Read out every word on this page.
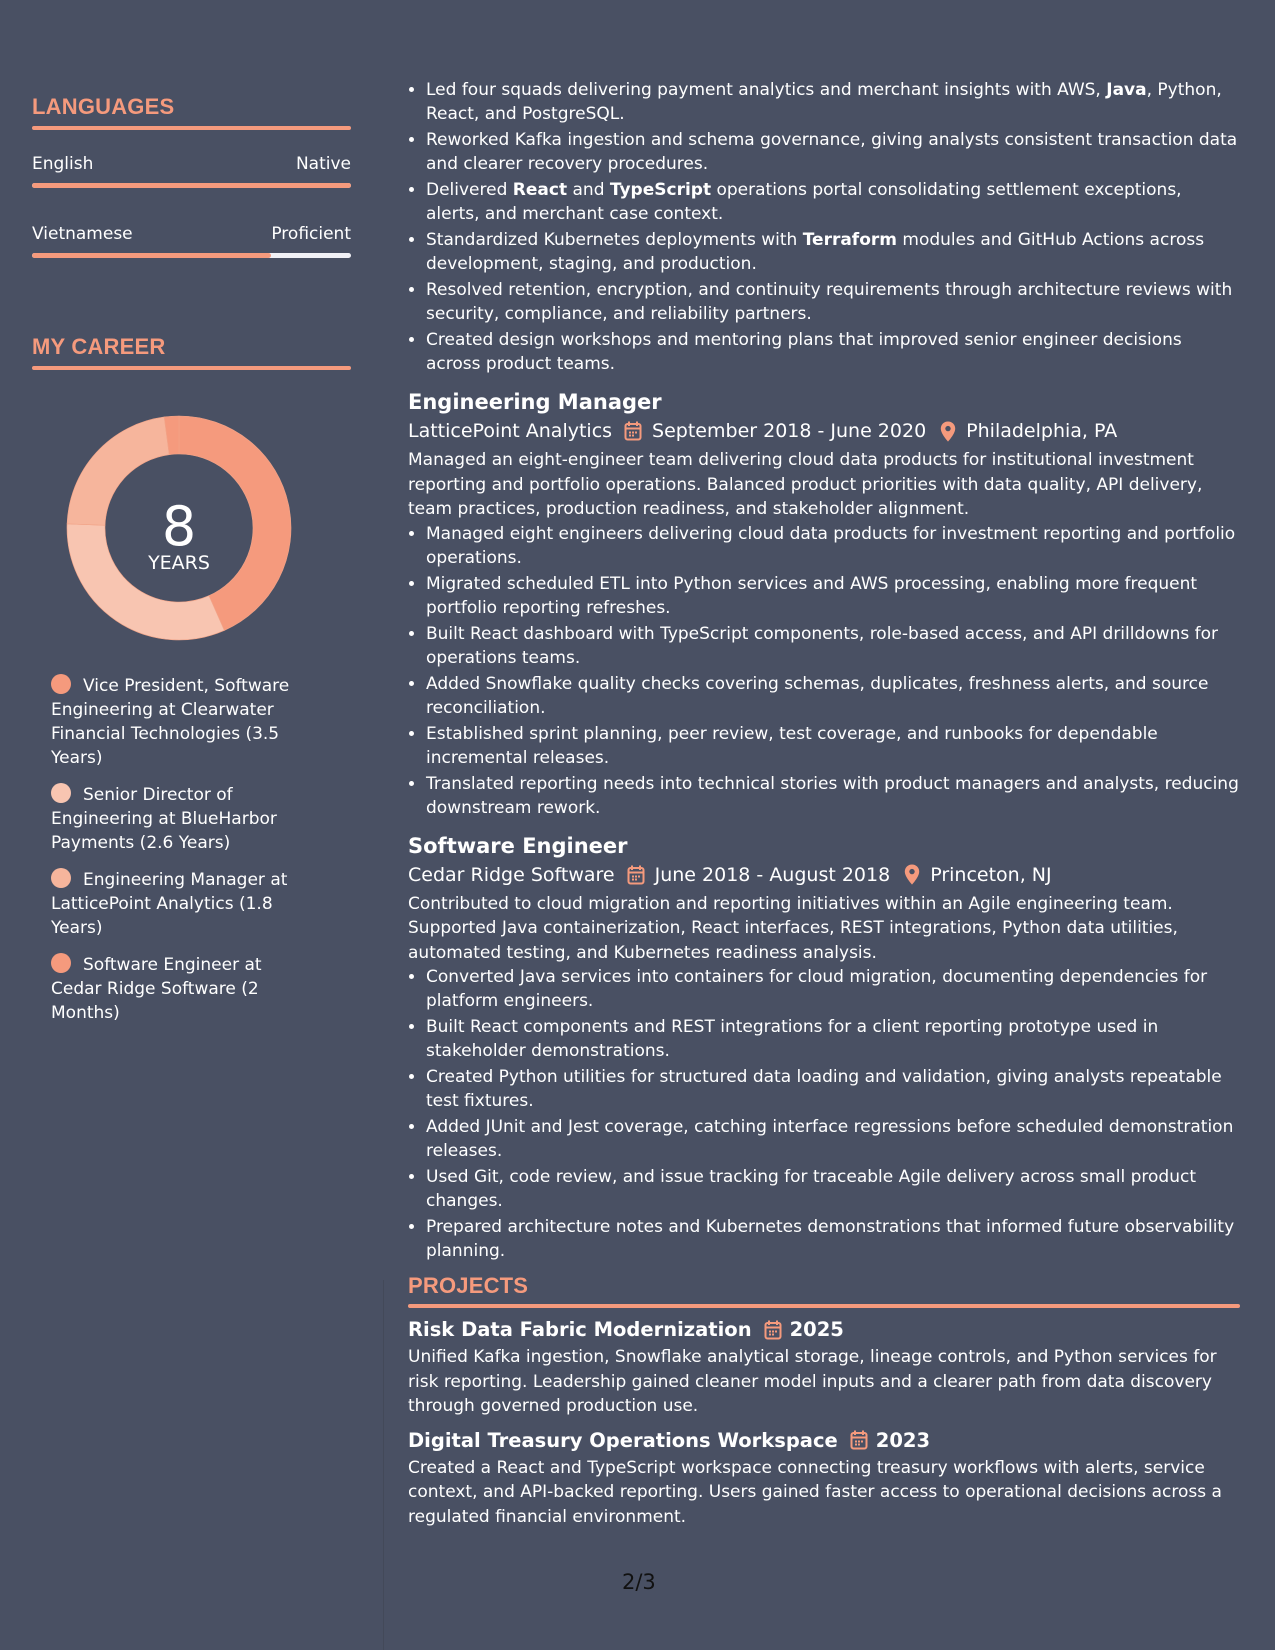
LANGUAGES
English	Native
Vietnamese	Proficient
MY CAREER
8
YEARS
Vice President, Software Engineering at Clearwater Financial Technologies (3.5 Years)
Senior Director of Engineering at BlueHarbor Payments (2.6 Years)
Engineering Manager at LatticePoint Analytics (1.8 Years)
Software Engineer at Cedar Ridge Software (2 Months)
• Led four squads delivering payment analytics and merchant insights with AWS, Java, Python, React, and PostgreSQL.
• Reworked Kafka ingestion and schema governance, giving analysts consistent transaction data and clearer recovery procedures.
• Delivered React and TypeScript operations portal consolidating settlement exceptions, alerts, and merchant case context.
• Standardized Kubernetes deployments with Terraform modules and GitHub Actions across development, staging, and production.
• Resolved retention, encryption, and continuity requirements through architecture reviews with security, compliance, and reliability partners.
• Created design workshops and mentoring plans that improved senior engineer decisions across product teams.
Engineering Manager
LatticePoint Analytics September 2018 - June 2020 Philadelphia, PA
Managed an eight-engineer team delivering cloud data products for institutional investment reporting and portfolio operations. Balanced product priorities with data quality, API delivery, team practices, production readiness, and stakeholder alignment.
• Managed eight engineers delivering cloud data products for investment reporting and portfolio operations.
• Migrated scheduled ETL into Python services and AWS processing, enabling more frequent portfolio reporting refreshes.
• Built React dashboard with TypeScript components, role-based access, and API drilldowns for operations teams.
• Added Snowflake quality checks covering schemas, duplicates, freshness alerts, and source reconciliation.
• Established sprint planning, peer review, test coverage, and runbooks for dependable incremental releases.
• Translated reporting needs into technical stories with product managers and analysts, reducing downstream rework.
Software Engineer
Cedar Ridge Software June 2018 - August 2018 Princeton, NJ
Contributed to cloud migration and reporting initiatives within an Agile engineering team. Supported Java containerization, React interfaces, REST integrations, Python data utilities, automated testing, and Kubernetes readiness analysis.
• Converted Java services into containers for cloud migration, documenting dependencies for platform engineers.
• Built React components and REST integrations for a client reporting prototype used in stakeholder demonstrations.
• Created Python utilities for structured data loading and validation, giving analysts repeatable test fixtures.
• Added JUnit and Jest coverage, catching interface regressions before scheduled demonstration releases.
• Used Git, code review, and issue tracking for traceable Agile delivery across small product changes.
• Prepared architecture notes and Kubernetes demonstrations that informed future observability planning.
PROJECTS
Risk Data Fabric Modernization 2025
Unified Kafka ingestion, Snowflake analytical storage, lineage controls, and Python services for risk reporting. Leadership gained cleaner model inputs and a clearer path from data discovery through governed production use.
Digital Treasury Operations Workspace 2023
Created a React and TypeScript workspace connecting treasury workflows with alerts, service context, and API-backed reporting. Users gained faster access to operational decisions across a regulated financial environment.
2/3
